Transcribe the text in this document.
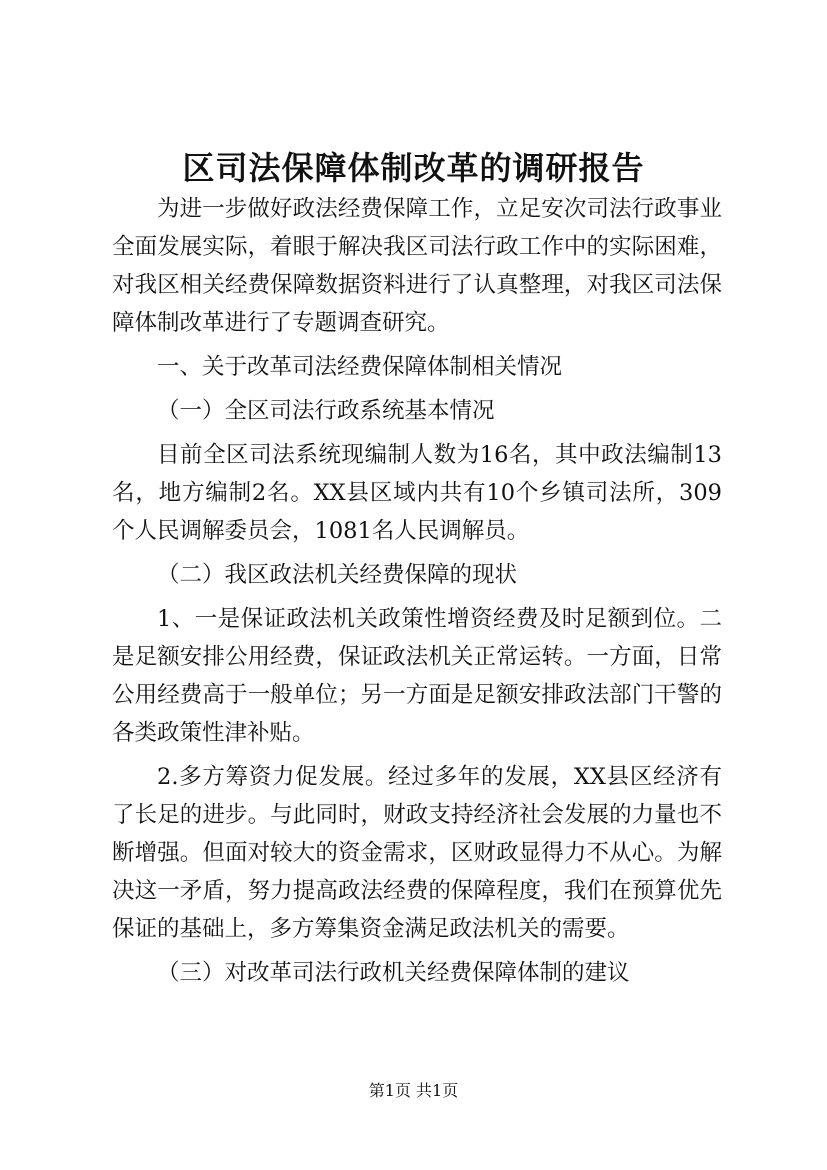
区司法保障体制改革的调研报告

为进一步做好政法经费保障工作，立足安次司法行政事业全面发展实际，着眼于解决我区司法行政工作中的实际困难，对我区相关经费保障数据资料进行了认真整理，对我区司法保障体制改革进行了专题调查研究。

一、关于改革司法经费保障体制相关情况

（一）全区司法行政系统基本情况

目前全区司法系统现编制人数为16名，其中政法编制13名，地方编制2名。XX县区域内共有10个乡镇司法所，309个人民调解委员会，1081名人民调解员。

（二）我区政法机关经费保障的现状

1、一是保证政法机关政策性增资经费及时足额到位。二是足额安排公用经费，保证政法机关正常运转。一方面，日常公用经费高于一般单位；另一方面是足额安排政法部门干警的各类政策性津补贴。

2.多方筹资力促发展。经过多年的发展，XX县区经济有了长足的进步。与此同时，财政支持经济社会发展的力量也不断增强。但面对较大的资金需求，区财政显得力不从心。为解决这一矛盾，努力提高政法经费的保障程度，我们在预算优先保证的基础上，多方筹集资金满足政法机关的需要。

（三）对改革司法行政机关经费保障体制的建议

第1页 共1页
